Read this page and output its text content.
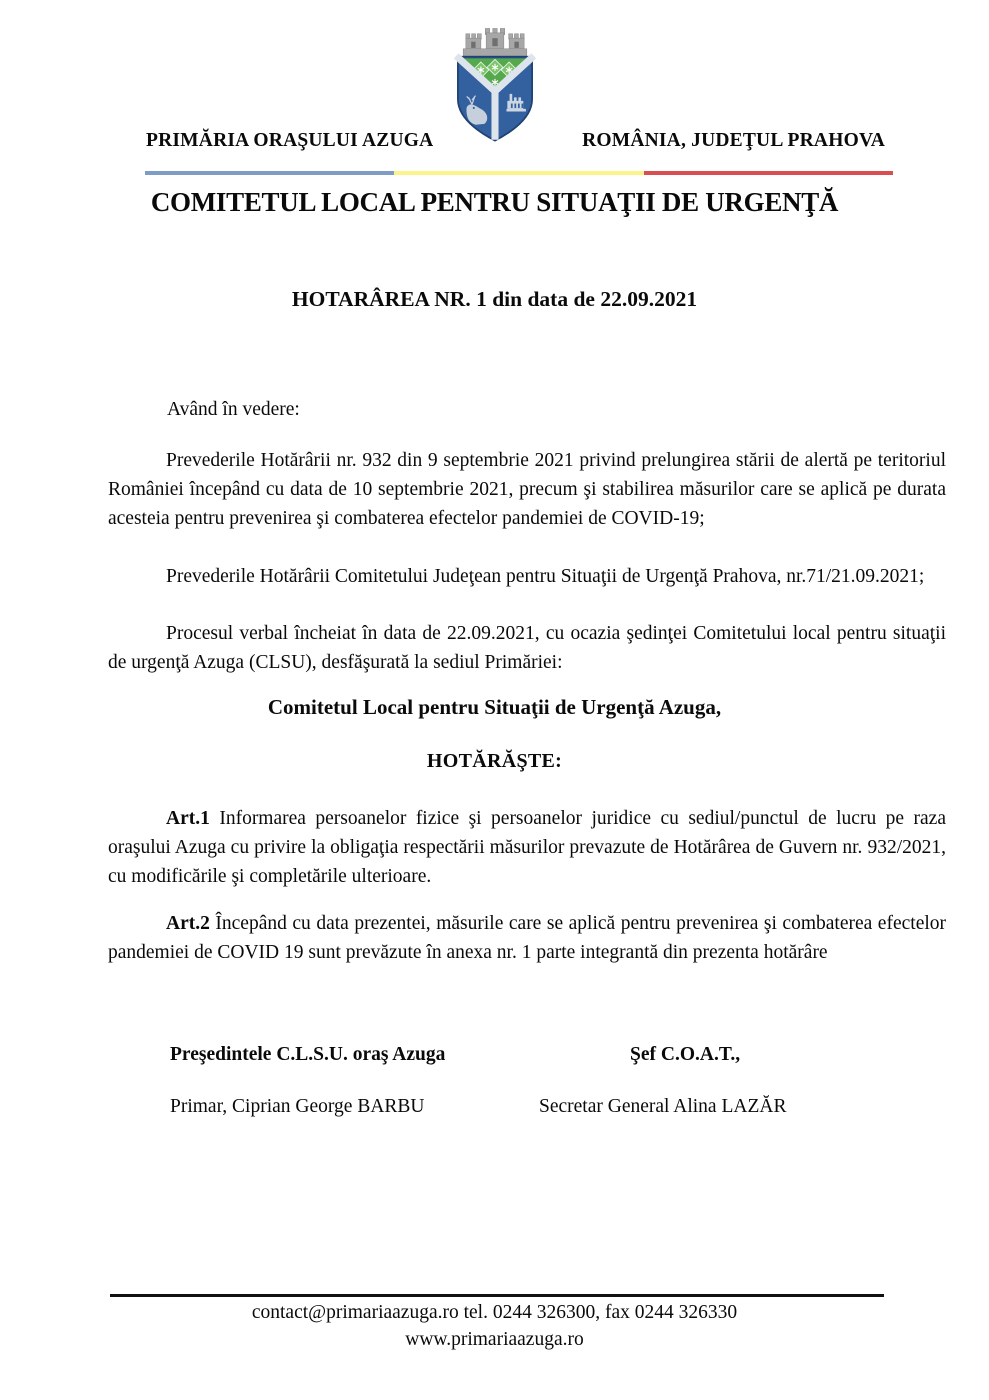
PRIMĂRIA ORAŞULUI AZUGA	ROMÂNIA, JUDEŢUL PRAHOVA
COMITETUL LOCAL PENTRU SITUAŢII DE URGENŢĂ
HOTARÂREA NR. 1 din data de 22.09.2021
Având în vedere:

Prevederile Hotărârii nr. 932 din 9 septembrie 2021 privind prelungirea stării de alertă pe teritoriul României începând cu data de 10 septembrie 2021, precum şi stabilirea măsurilor care se aplică pe durata acesteia pentru prevenirea şi combaterea efectelor pandemiei de COVID-19;

Prevederile Hotărârii Comitetului Judeţean pentru Situaţii de Urgenţă Prahova, nr.71/21.09.2021;

Procesul verbal încheiat în data de 22.09.2021, cu ocazia şedinţei Comitetului local pentru situaţii de urgenţă Azuga (CLSU), desfăşurată la sediul Primăriei:

Comitetul Local pentru Situaţii de Urgenţă Azuga,
HOTĂRĂŞTE:

Art.1 Informarea persoanelor fizice şi persoanelor juridice cu sediul/punctul de lucru pe raza oraşului Azuga cu privire la obligaţia respectării măsurilor prevazute de Hotărârea de Guvern nr. 932/2021, cu modificările şi completările ulterioare.

Art.2 Începând cu data prezentei, măsurile care se aplică pentru prevenirea şi combaterea efectelor pandemiei de COVID 19 sunt prevăzute în anexa nr. 1 parte integrantă din prezenta hotărâre

Preşedintele C.L.S.U. oraş Azuga	Şef C.O.A.T.,
Primar, Ciprian George BARBU	Secretar General Alina LAZĂR
contact@primariaazuga.ro tel. 0244 326300, fax 0244 326330
www.primariaazuga.ro
